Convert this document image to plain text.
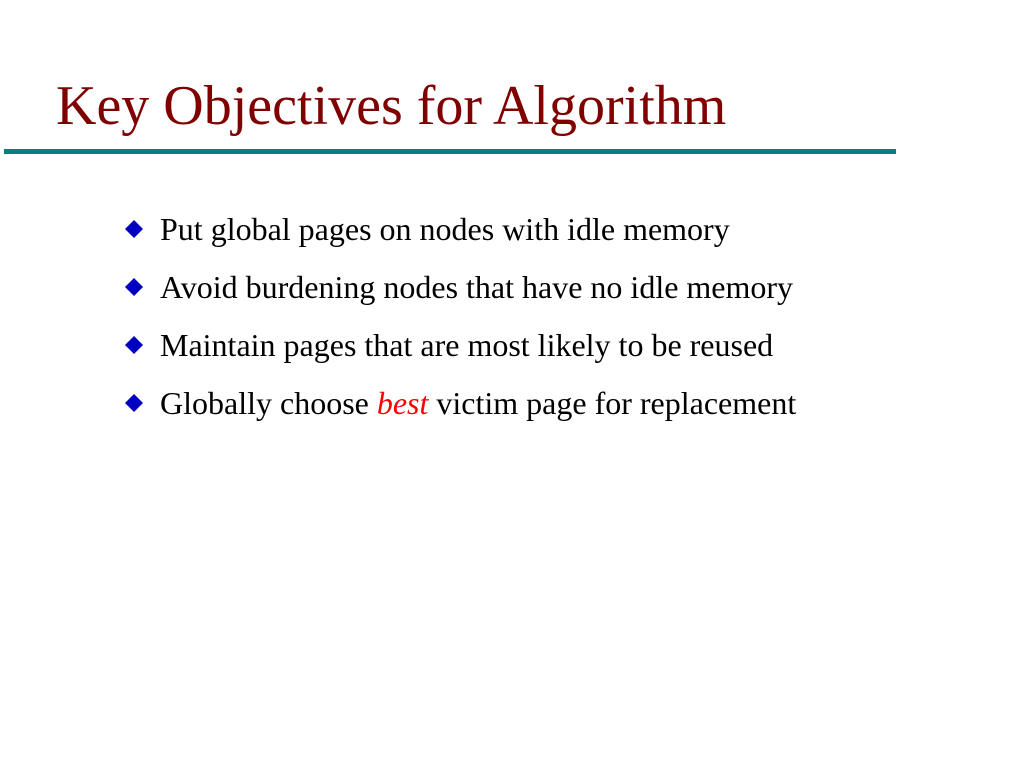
Key Objectives for Algorithm
Put global pages on nodes with idle memory
Avoid burdening nodes that have no idle memory
Maintain pages that are most likely to be reused
Globally choose best victim page for replacement
